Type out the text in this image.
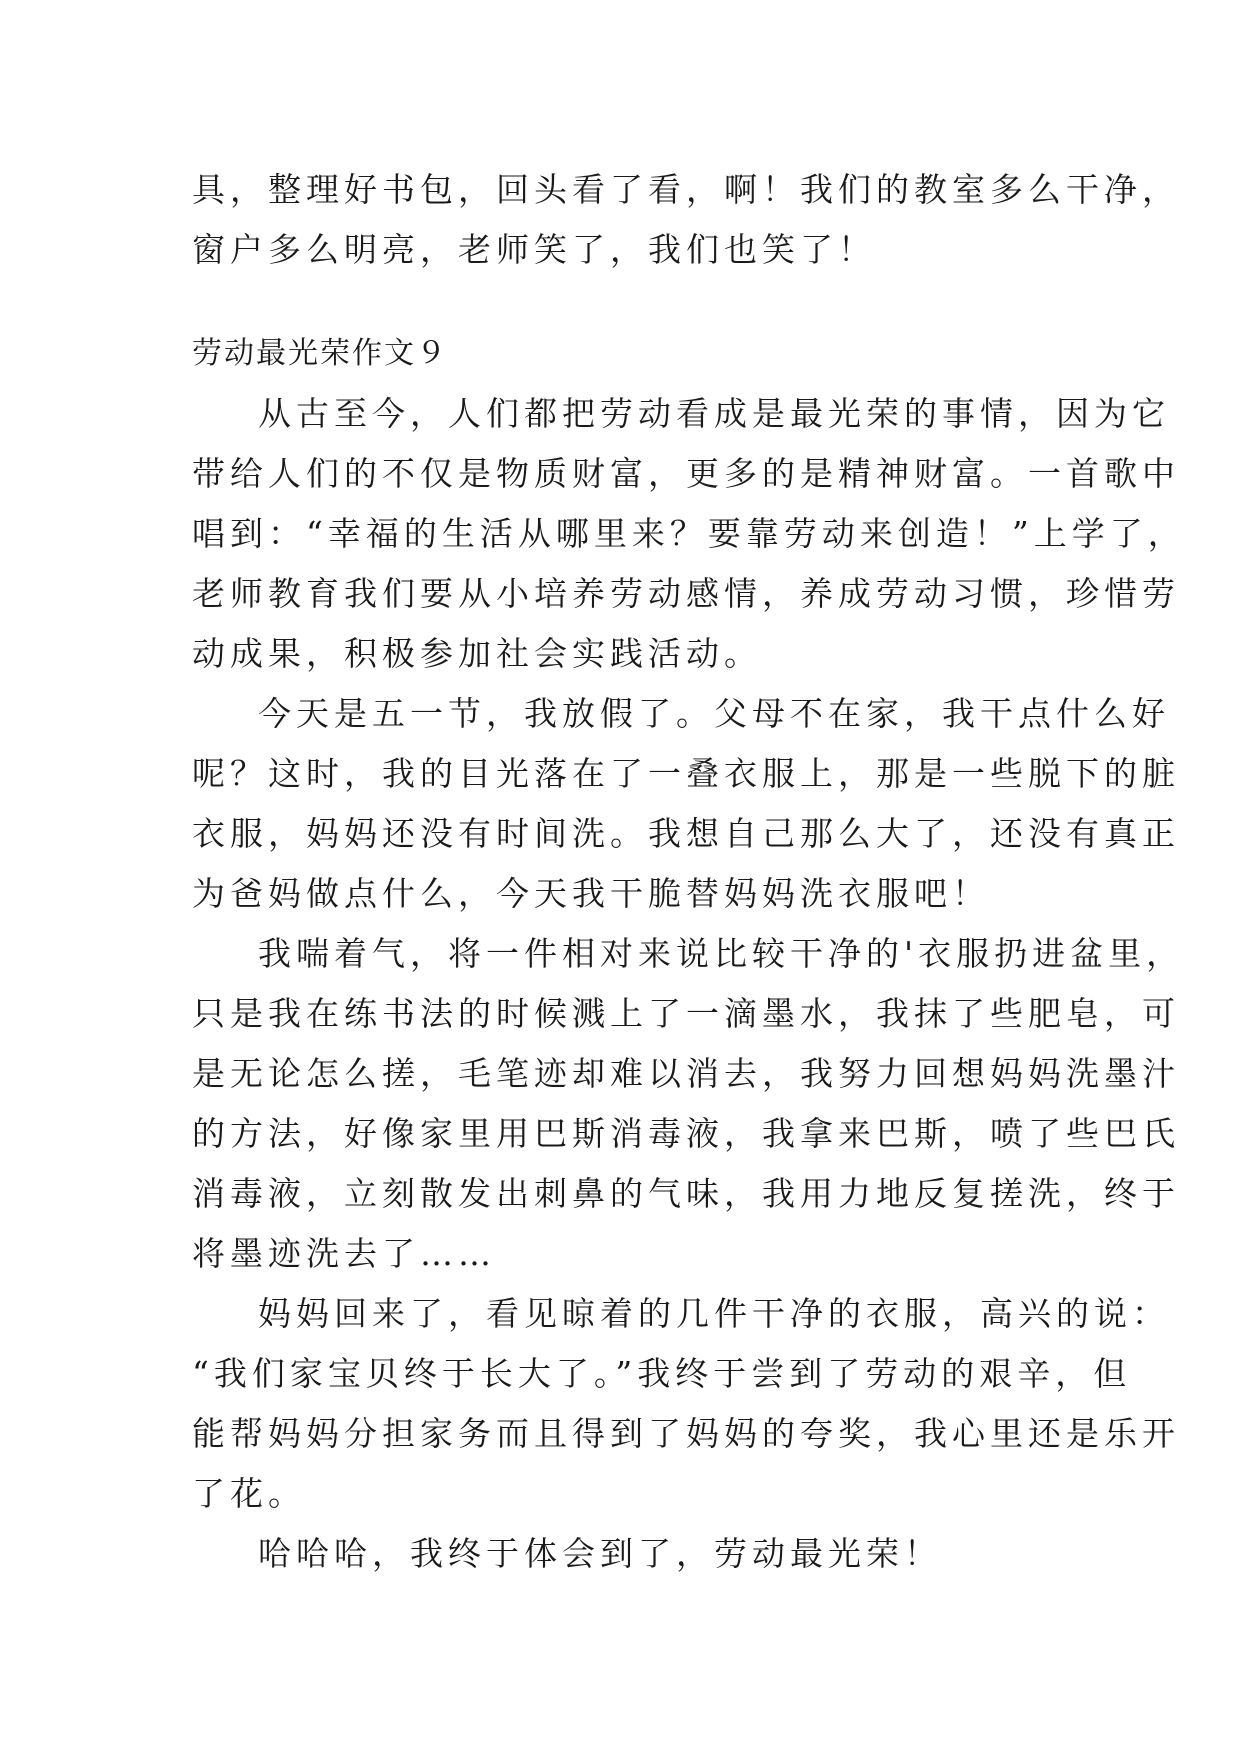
具，整理好书包，回头看了看，啊！我们的教室多么干净，
窗户多么明亮，老师笑了，我们也笑了！
劳动最光荣作文９
从古至今，人们都把劳动看成是最光荣的事情，因为它
带给人们的不仅是物质财富，更多的是精神财富。一首歌中
唱到：“幸福的生活从哪里来？要靠劳动来创造！”上学了，
老师教育我们要从小培养劳动感情，养成劳动习惯，珍惜劳
动成果，积极参加社会实践活动。
今天是五一节，我放假了。父母不在家，我干点什么好
呢？这时，我的目光落在了一叠衣服上，那是一些脱下的脏
衣服，妈妈还没有时间洗。我想自己那么大了，还没有真正
为爸妈做点什么，今天我干脆替妈妈洗衣服吧！
我喘着气，将一件相对来说比较干净的'衣服扔进盆里，
只是我在练书法的时候溅上了一滴墨水，我抹了些肥皂，可
是无论怎么搓，毛笔迹却难以消去，我努力回想妈妈洗墨汁
的方法，好像家里用巴斯消毒液，我拿来巴斯，喷了些巴氏
消毒液，立刻散发出刺鼻的气味，我用力地反复搓洗，终于
将墨迹洗去了……
妈妈回来了，看见晾着的几件干净的衣服，高兴的说：
“我们家宝贝终于长大了。”我终于尝到了劳动的艰辛，但
能帮妈妈分担家务而且得到了妈妈的夸奖，我心里还是乐开
了花。
哈哈哈，我终于体会到了，劳动最光荣！
